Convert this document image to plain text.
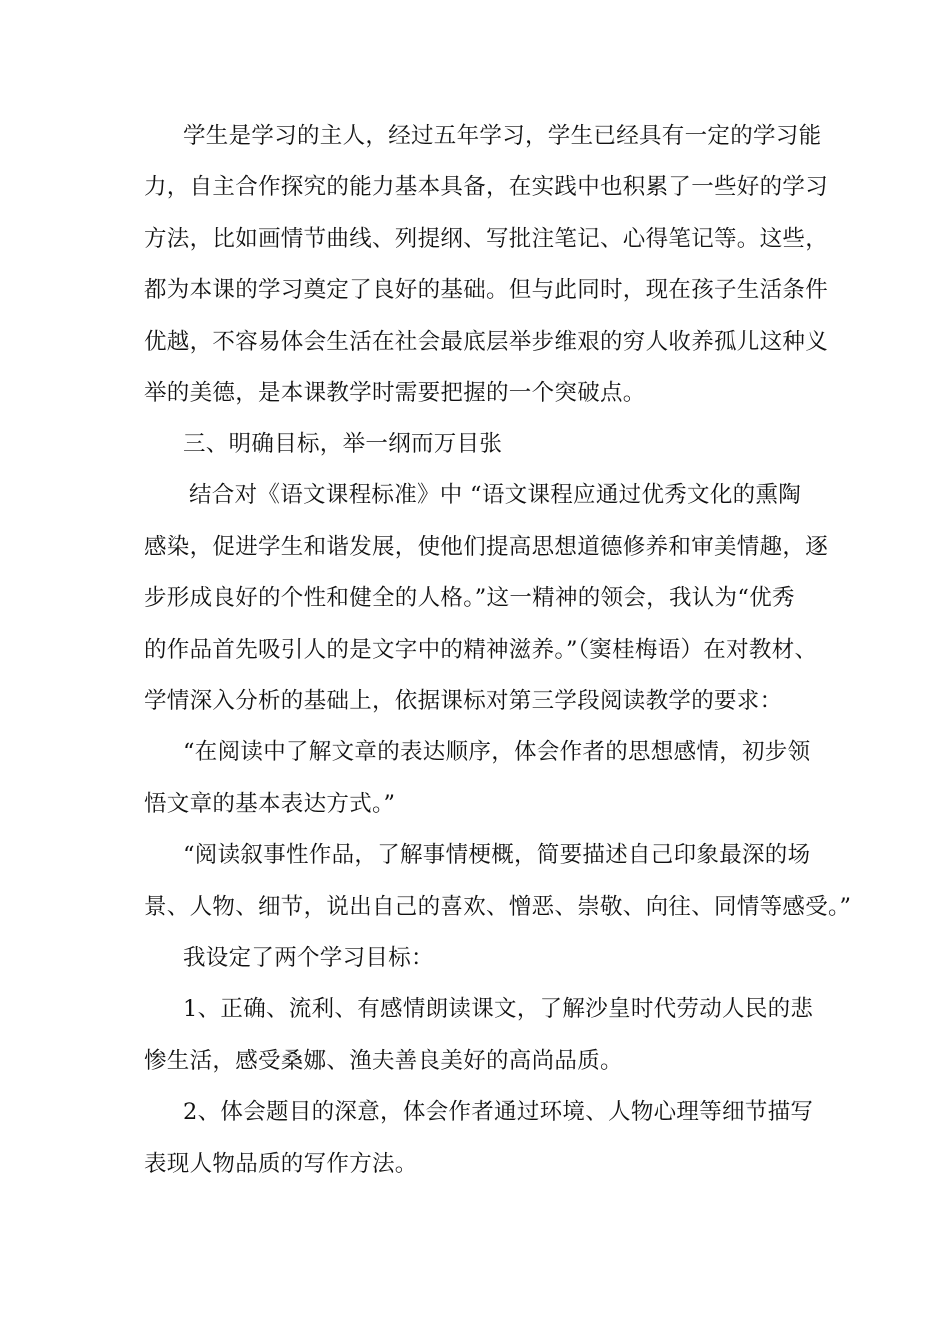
学生是学习的主人，经过五年学习，学生已经具有一定的学习能
力，自主合作探究的能力基本具备，在实践中也积累了一些好的学习
方法，比如画情节曲线、列提纲、写批注笔记、心得笔记等。这些，
都为本课的学习奠定了良好的基础。但与此同时，现在孩子生活条件
优越，不容易体会生活在社会最底层举步维艰的穷人收养孤儿这种义
举的美德，是本课教学时需要把握的一个突破点。
三、明确目标，举一纲而万目张
结合对《语文课程标准》中 “语文课程应通过优秀文化的熏陶
感染，促进学生和谐发展，使他们提高思想道德修养和审美情趣，逐
步形成良好的个性和健全的人格。”这一精神的领会，我认为“优秀
的作品首先吸引人的是文字中的精神滋养。”（窦桂梅语）在对教材、
学情深入分析的基础上，依据课标对第三学段阅读教学的要求：
“在阅读中了解文章的表达顺序，体会作者的思想感情，初步领
悟文章的基本表达方式。”
“阅读叙事性作品，了解事情梗概，简要描述自己印象最深的场
景、人物、细节，说出自己的喜欢、憎恶、崇敬、向往、同情等感受。”
我设定了两个学习目标：
1、正确、流利、有感情朗读课文，了解沙皇时代劳动人民的悲
惨生活，感受桑娜、渔夫善良美好的高尚品质。
2、体会题目的深意，体会作者通过环境、人物心理等细节描写
表现人物品质的写作方法。
